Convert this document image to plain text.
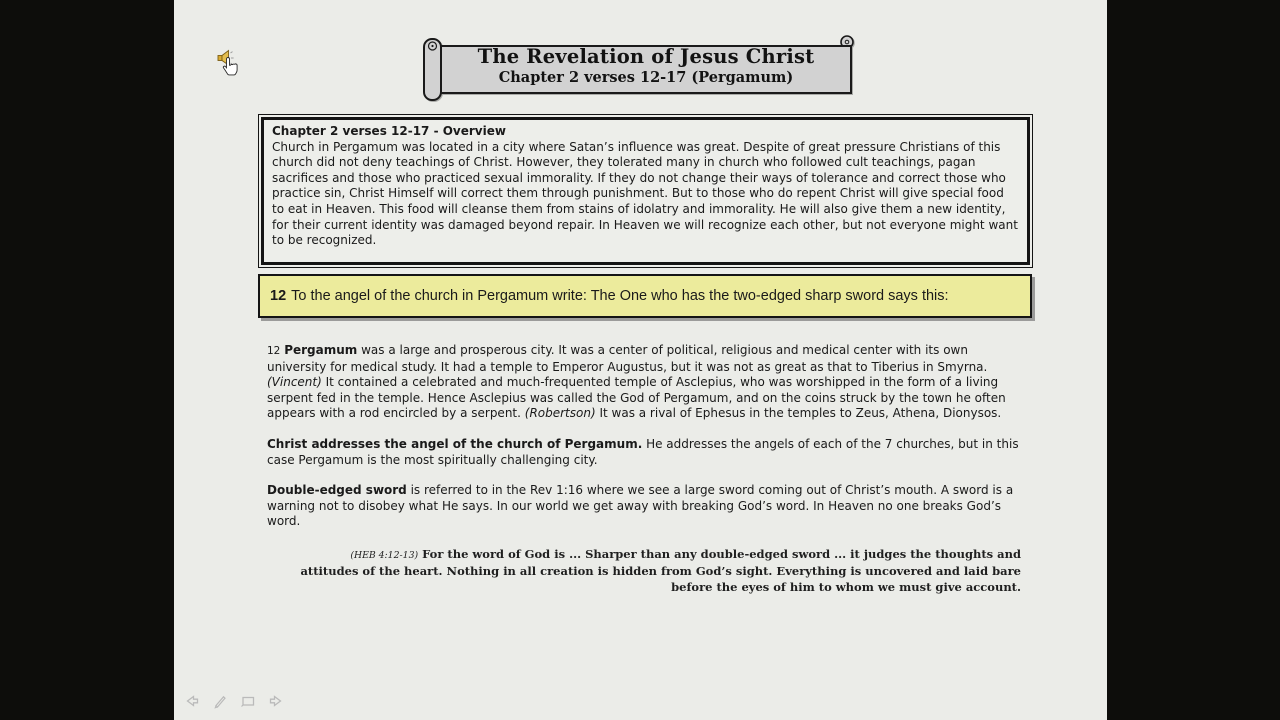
The Revelation of Jesus Christ
Chapter 2 verses 12-17 (Pergamum)
Chapter 2 verses 12-17 - Overview
Church in Pergamum was located in a city where Satan’s influence was great. Despite of great pressure Christians of this church did not deny teachings of Christ. However, they tolerated many in church who followed cult teachings, pagan sacrifices and those who practiced sexual immorality. If they do not change their ways of tolerance and correct those who practice sin, Christ Himself will correct them through punishment. But to those who do repent Christ will give special food to eat in Heaven. This food will cleanse them from stains of idolatry and immorality. He will also give them a new identity, for their current identity was damaged beyond repair. In Heaven we will recognize each other, but not everyone might want to be recognized.
12 To the angel of the church in Pergamum write: The One who has the two-edged sharp sword says this:

12 Pergamum was a large and prosperous city. It was a center of political, religious and medical center with its own university for medical study. It had a temple to Emperor Augustus, but it was not as great as that to Tiberius in Smyrna. (Vincent) It contained a celebrated and much-frequented temple of Asclepius, who was worshipped in the form of a living serpent fed in the temple. Hence Asclepius was called the God of Pergamum, and on the coins struck by the town he often appears with a rod encircled by a serpent. (Robertson) It was a rival of Ephesus in the temples to Zeus, Athena, Dionysos.

Christ addresses the angel of the church of Pergamum. He addresses the angels of each of the 7 churches, but in this case Pergamum is the most spiritually challenging city.

Double-edged sword is referred to in the Rev 1:16 where we see a large sword coming out of Christ’s mouth. A sword is a warning not to disobey what He says. In our world we get away with breaking God’s word. In Heaven no one breaks God’s word.

(HEB 4:12-13) For the word of God is ... Sharper than any double-edged sword ... it judges the thoughts and attitudes of the heart. Nothing in all creation is hidden from God’s sight. Everything is uncovered and laid bare before the eyes of him to whom we must give account.
